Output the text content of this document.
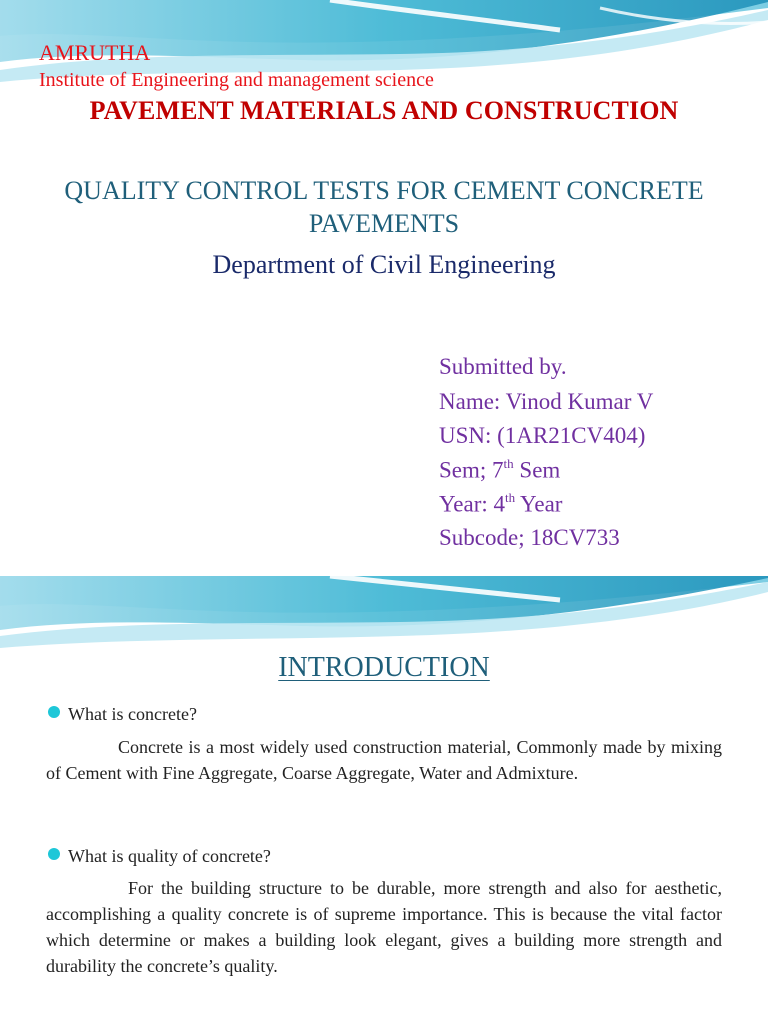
AMRUTHA

Institute of Engineering and management science

PAVEMENT MATERIALS AND CONSTRUCTION

QUALITY CONTROL TESTS FOR CEMENT CONCRETE PAVEMENTS

Department of Civil Engineering

Submitted by.

Name: Vinod Kumar V

USN: (1AR21CV404)

Sem; 7th Sem

Year: 4th Year

Subcode; 18CV733

INTRODUCTION

What is concrete?

Concrete is a most widely used construction material, Commonly made by mixing of Cement with Fine Aggregate, Coarse Aggregate, Water and Admixture.

What is quality of concrete?

For the building structure to be durable, more strength and also for aesthetic, accomplishing a quality concrete is of supreme importance. This is because the vital factor which determine or makes a building look elegant, gives a building more strength and durability the concrete’s quality.
